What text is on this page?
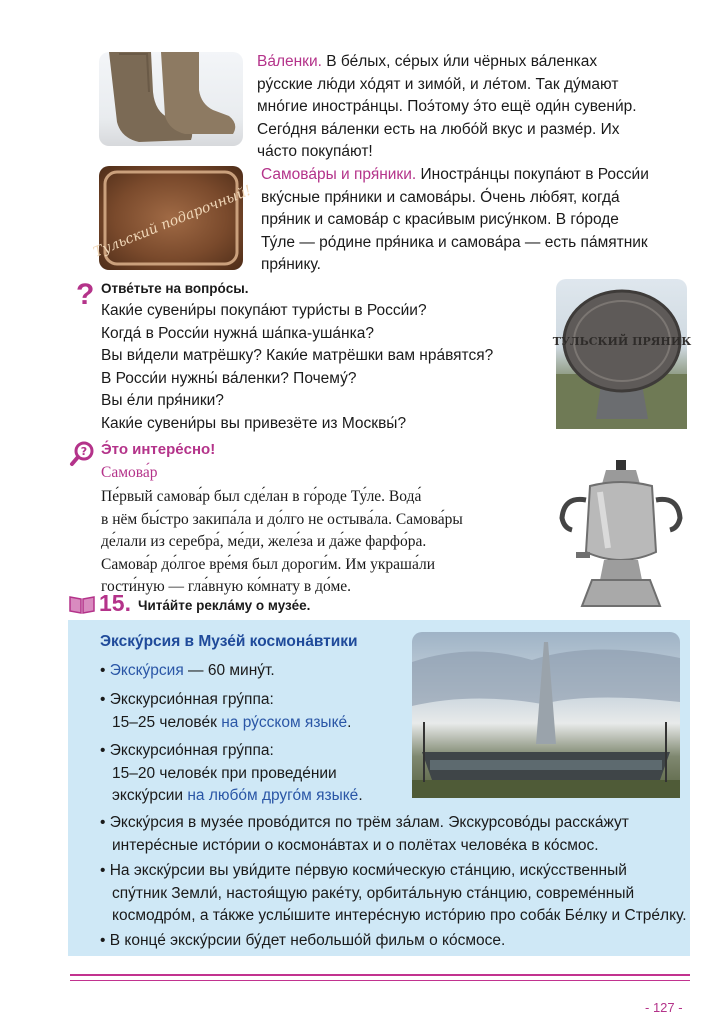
Ва́ленки. В бе́лых, се́рых и́ли чёрных ва́ленках
ру́сские лю́ди хо́дят и зимо́й, и ле́том. Так ду́мают
мно́гие иностра́нцы. Поэ́тому э́то ещё оди́н сувени́р.
Сего́дня ва́ленки есть на любо́й вкус и разме́р. Их
ча́сто покупа́ют!
Тульский подарочный!
Самова́ры и пря́ники. Иностра́нцы покупа́ют в Росси́и
вку́сные пря́ники и самова́ры. О́чень лю́бят, когда́
пря́ник и самова́р с краси́вым рису́нком. В го́роде
Ту́ле — ро́дине пря́ника и самова́ра — есть па́мятник
пря́нику.
ТУЛЬСКИЙ ПРЯНИК
? Отве́тьте на вопро́сы.
Каки́е сувени́ры покупа́ют тури́сты в Росси́и?
Когда́ в Росси́и нужна́ ша́пка-уша́нка?
Вы ви́дели матрёшку? Каки́е матрёшки вам нра́вятся?
В Росси́и нужны́ ва́ленки? Почему́?
Вы е́ли пря́ники?
Каки́е сувени́ры вы привезёте из Москвы́?
? Э́то интере́сно!
Самова́р
Пе́рвый самова́р был сде́лан в го́роде Ту́ле. Вода́
в нём бы́стро закипа́ла и до́лго не остыва́ла. Самова́ры
де́лали из серебра́, ме́ди, желе́за и да́же фарфо́ра.
Самова́р до́лгое вре́мя был дороги́м. Им украша́ли
гости́ную — гла́вную ко́мнату в до́ме.
15. Чита́йте рекла́му о музе́е.
Экску́рсия в Музе́й космона́втики
• Экску́рсия — 60 мину́т.
• Экскурсио́нная гру́ппа:
15–25 челове́к на ру́сском языке́.
• Экскурсио́нная гру́ппа:
15–20 челове́к при проведе́нии
экску́рсии на любо́м друго́м языке́.
• Экску́рсия в музе́е прово́дится по трём за́лам. Экскурсово́ды расска́жут
интере́сные исто́рии о космона́втах и о полётах челове́ка в ко́смос.
• На экску́рсии вы уви́дите пе́рвую косми́ческую ста́нцию, иску́сственный
спу́тник Земли́, настоя́щую раке́ту, орбита́льную ста́нцию, совреме́нный
космодро́м, а та́кже услы́шите интере́сную исто́рию про соба́к Бе́лку и Стре́лку.
• В конце́ экску́рсии бу́дет небольшо́й фильм о ко́смосе.
- 127 -
